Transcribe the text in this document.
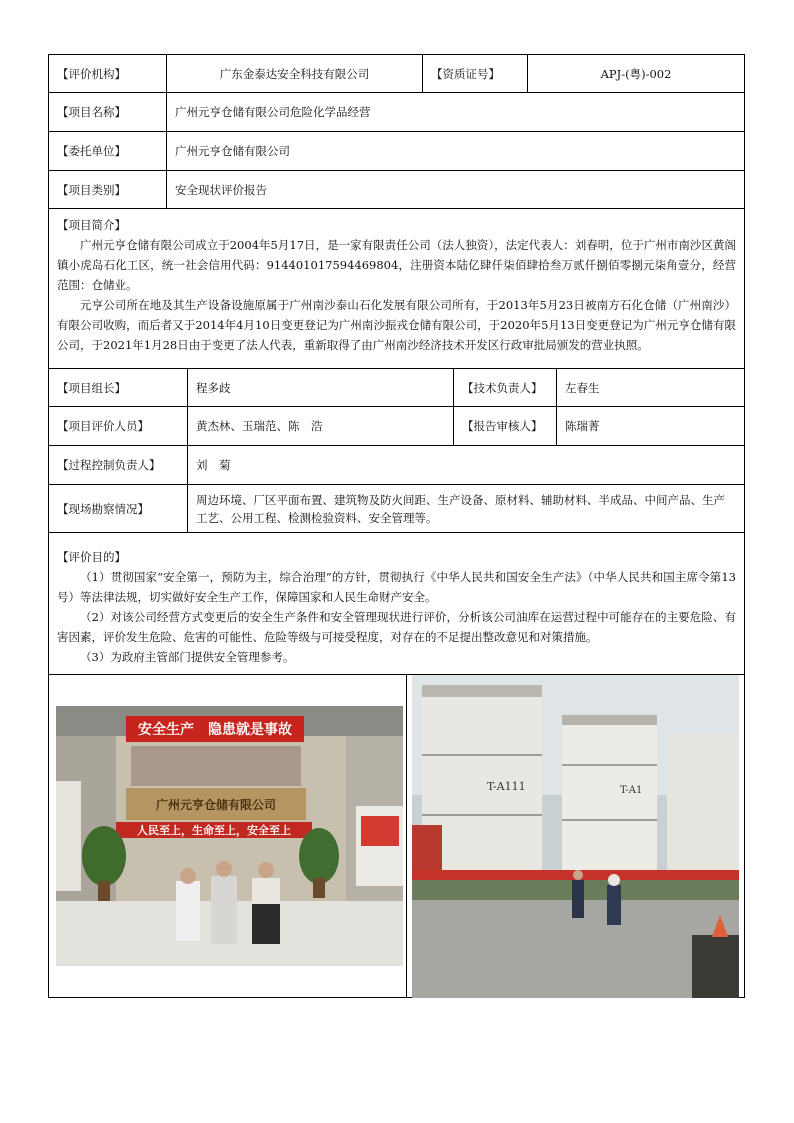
【评价机构】	广东金泰达安全科技有限公司	【资质证号】	APJ-(粤)-002
【项目名称】	广州元亨仓储有限公司危险化学品经营
【委托单位】	广州元亨仓储有限公司
【项目类别】	安全现状评价报告
【项目简介】

广州元亨仓储有限公司成立于2004年5月17日，是一家有限责任公司（法人独资），法定代表人：刘春明，位于广州市南沙区黄阁镇小虎岛石化工区，统一社会信用代码：914401017594469804，注册资本陆亿肆仟柒佰肆拾叁万贰仟捌佰零捌元柒角壹分，经营范围：仓储业。

元亨公司所在地及其生产设备设施原属于广州南沙泰山石化发展有限公司所有，于2013年5月23日被南方石化仓储（广州南沙）有限公司收购，而后者又于2014年4月10日变更登记为广州南沙振戎仓储有限公司，于2020年5月13日变更登记为广州元亨仓储有限公司，于2021年1月28日由于变更了法人代表，重新取得了由广州南沙经济技术开发区行政审批局颁发的营业执照。

【项目组长】	程多歧	【技术负责人】	左春生
【项目评价人员】	黄杰林、玉瑞范、陈　浩	【报告审核人】	陈瑞菁
【过程控制负责人】	刘　菊
【现场勘察情况】
周边环境、厂区平面布置、建筑物及防火间距、生产设备、原材料、辅助材料、半成品、中间产品、生产工艺、公用工程、检测检验资料、安全管理等。
【评价目的】

（1）贯彻国家“安全第一，预防为主，综合治理”的方针，贯彻执行《中华人民共和国安全生产法》（中华人民共和国主席令第13号）等法律法规，切实做好安全生产工作，保障国家和人民生命财产安全。

（2）对该公司经营方式变更后的安全生产条件和安全管理现状进行评价，分析该公司油库在运营过程中可能存在的主要危险、有害因素，评价发生危险、危害的可能性、危险等级与可接受程度，对存在的不足提出整改意见和对策措施。

（3）为政府主管部门提供安全管理参考。

安全生产　隐患就是事故
广州元亨仓储有限公司
人民至上，生命至上，安全至上
T-A111	T-A1
